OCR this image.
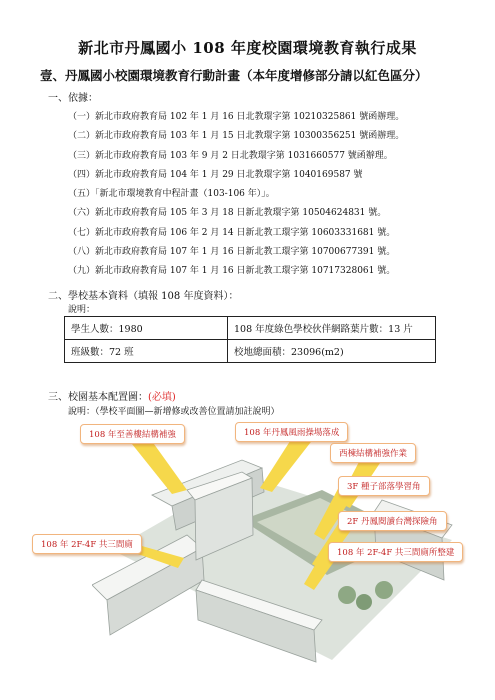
新北市丹鳳國小 108 年度校園環境教育執行成果
壹、丹鳳國小校園環境教育行動計畫（本年度增修部分請以紅色區分）
一、依據：
（一）新北市政府教育局 102 年 1 月 16 日北教環字第 10210325861 號函辦理。
（二）新北市政府教育局 103 年 1 月 15 日北教環字第 10300356251 號函辦理。
（三）新北市政府教育局 103 年 9 月 2 日北教環字第 1031660577 號函辦理。
（四）新北市政府教育局 104 年 1 月 29 日北教環字第 1040169587 號
（五）「新北市環境教育中程計畫（103-106 年）」。
（六）新北市政府教育局 105 年 3 月 18 日新北教環字第 10504624831 號。
（七）新北市政府教育局 106 年 2 月 14 日新北教工環字第 10603331681 號。
（八）新北市政府教育局 107 年 1 月 16 日新北教工環字第 10700677391 號。
（九）新北市政府教育局 107 年 1 月 16 日新北教工環字第 10717328061 號。
二、學校基本資料（填報 108 年度資料）：
說明：
學生人數：1980	108 年度綠色學校伙伴網路葉片數：13 片
班級數：72 班	校地總面積：23096(m2)
三、校園基本配置圖：(必填)
說明：（學校平面圖—新增修或改善位置請加註說明）
108 年至善樓結構補強	108 年丹鳳風雨操場落成
西棟結構補強作業
3F 種子部落學習角
2F 丹鳳閱讀台灣探險角
108 年 2F-4F 共三間廁
108 年 2F-4F 共三間廁所整建
